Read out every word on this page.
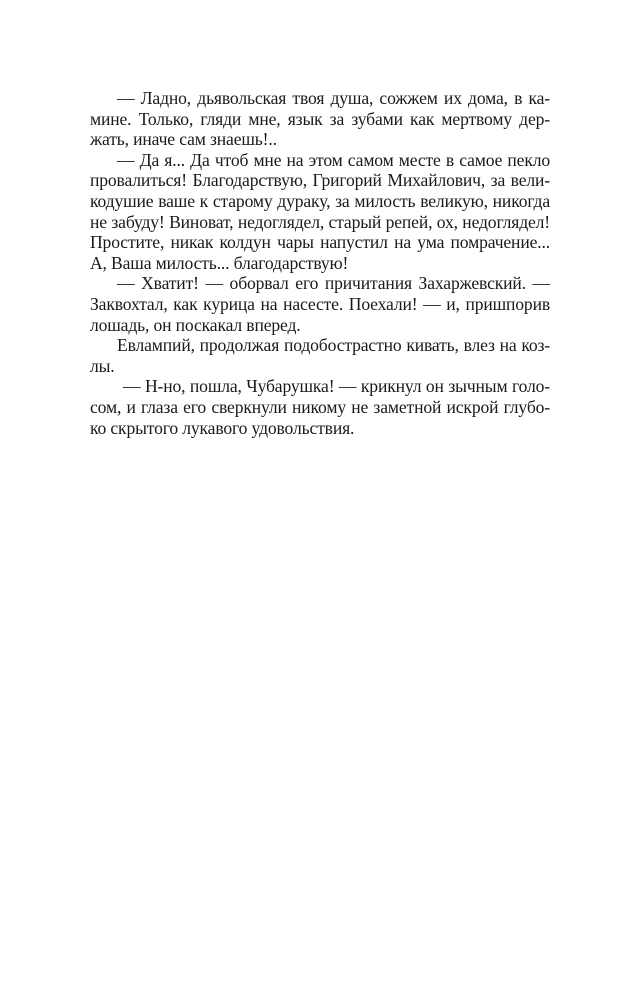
— Ладно, дьявольская твоя душа, сожжем их дома, в ка-
мине. Только, гляди мне, язык за зубами как мертвому дер-
жать, иначе сам знаешь!..
— Да я... Да чтоб мне на этом самом месте в самое пекло
провалиться! Благодарствую, Григорий Михайлович, за вели-
кодушие ваше к старому дураку, за милость великую, никогда
не забуду! Виноват, недоглядел, старый репей, ох, недоглядел!
Простите, никак колдун чары напустил на ума помрачение...
А, Ваша милость... благодарствую!
— Хватит! — оборвал его причитания Захаржевский. —
Заквохтал, как курица на насесте. Поехали! — и, пришпорив
лошадь, он поскакал вперед.
Евлампий, продолжая подобострастно кивать, влез на коз-
лы.
— Н-но, пошла, Чубарушка! — крикнул он зычным голо-
сом, и глаза его сверкнули никому не заметной искрой глубо-
ко скрытого лукавого удовольствия.
